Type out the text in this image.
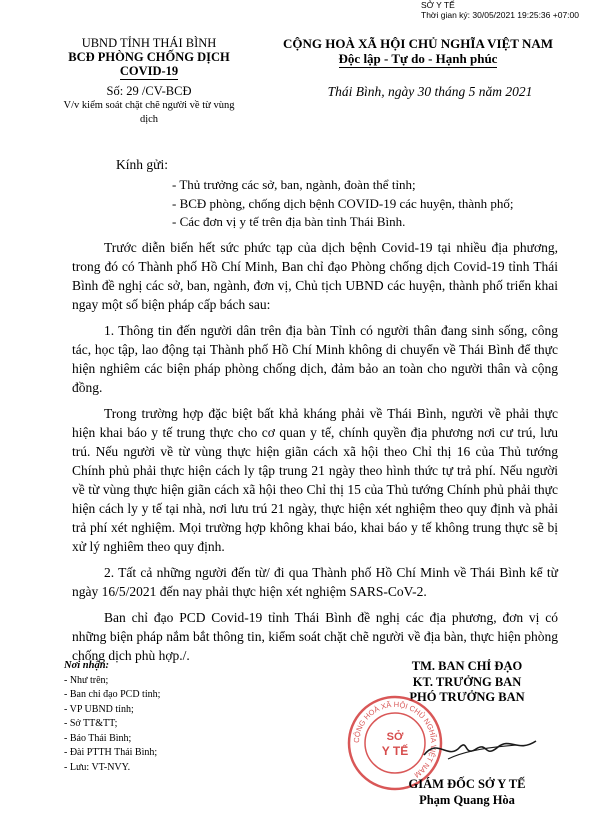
SỞ Y TẾ
Thời gian ký: 30/05/2021 19:25:36 +07:00
UBND TỈNH THÁI BÌNH
BCĐ PHÒNG CHỐNG DỊCH
COVID-19
Số: 29 /CV-BCĐ
V/v kiểm soát chặt chẽ người về từ vùng
dịch
CỘNG HOÀ XÃ HỘI CHỦ NGHĨA VIỆT NAM
Độc lập - Tự do - Hạnh phúc
Thái Bình, ngày 30 tháng 5 năm 2021
Kính gửi:
- Thủ trưởng các sở, ban, ngành, đoàn thể tỉnh;
- BCĐ phòng, chống dịch bệnh COVID-19 các huyện, thành phố;
- Các đơn vị y tế trên địa bàn tỉnh Thái Bình.

Trước diễn biến hết sức phức tạp của dịch bệnh Covid-19 tại nhiều địa phương, trong đó có Thành phố Hồ Chí Minh, Ban chỉ đạo Phòng chống dịch Covid-19 tỉnh Thái Bình đề nghị các sở, ban, ngành, đơn vị, Chủ tịch UBND các huyện, thành phố triển khai ngay một số biện pháp cấp bách sau:

1. Thông tin đến người dân trên địa bàn Tỉnh có người thân đang sinh sống, công tác, học tập, lao động tại Thành phố Hồ Chí Minh không di chuyển về Thái Bình để thực hiện nghiêm các biện pháp phòng chống dịch, đảm bảo an toàn cho người thân và cộng đồng.

Trong trường hợp đặc biệt bất khả kháng phải về Thái Bình, người về phải thực hiện khai báo y tế trung thực cho cơ quan y tế, chính quyền địa phương nơi cư trú, lưu trú. Nếu người về từ vùng thực hiện giãn cách xã hội theo Chỉ thị 16 của Thủ tướng Chính phủ phải thực hiện cách ly tập trung 21 ngày theo hình thức tự trả phí. Nếu người về từ vùng thực hiện giãn cách xã hội theo Chỉ thị 15 của Thủ tướng Chính phủ phải thực hiện cách ly y tế tại nhà, nơi lưu trú 21 ngày, thực hiện xét nghiệm theo quy định và phải trả phí xét nghiệm. Mọi trường hợp không khai báo, khai báo y tế không trung thực sẽ bị xử lý nghiêm theo quy định.

2. Tất cả những người đến từ/ đi qua Thành phố Hồ Chí Minh về Thái Bình kể từ ngày 16/5/2021 đến nay phải thực hiện xét nghiệm SARS-CoV-2.

Ban chỉ đạo PCD Covid-19 tỉnh Thái Bình đề nghị các địa phương, đơn vị có những biện pháp nắm bắt thông tin, kiểm soát chặt chẽ người về địa bàn, thực hiện phòng chống dịch phù hợp./.

Nơi nhận:
- Như trên;
- Ban chỉ đạo PCD tỉnh;
- VP UBND tỉnh;
- Sở TT&TT;
- Báo Thái Bình;
- Đài PTTH Thái Bình;
- Lưu: VT-NVY.
TM. BAN CHỈ ĐẠO
KT. TRƯỞNG BAN
PHÓ TRƯỞNG BAN
CỘNG HOÀ XÃ HỘI CHỦ NGHĨA VIỆT NAM
SỞ
Y TẾ
GIÁM ĐỐC SỞ Y TẾ
Phạm Quang Hòa
